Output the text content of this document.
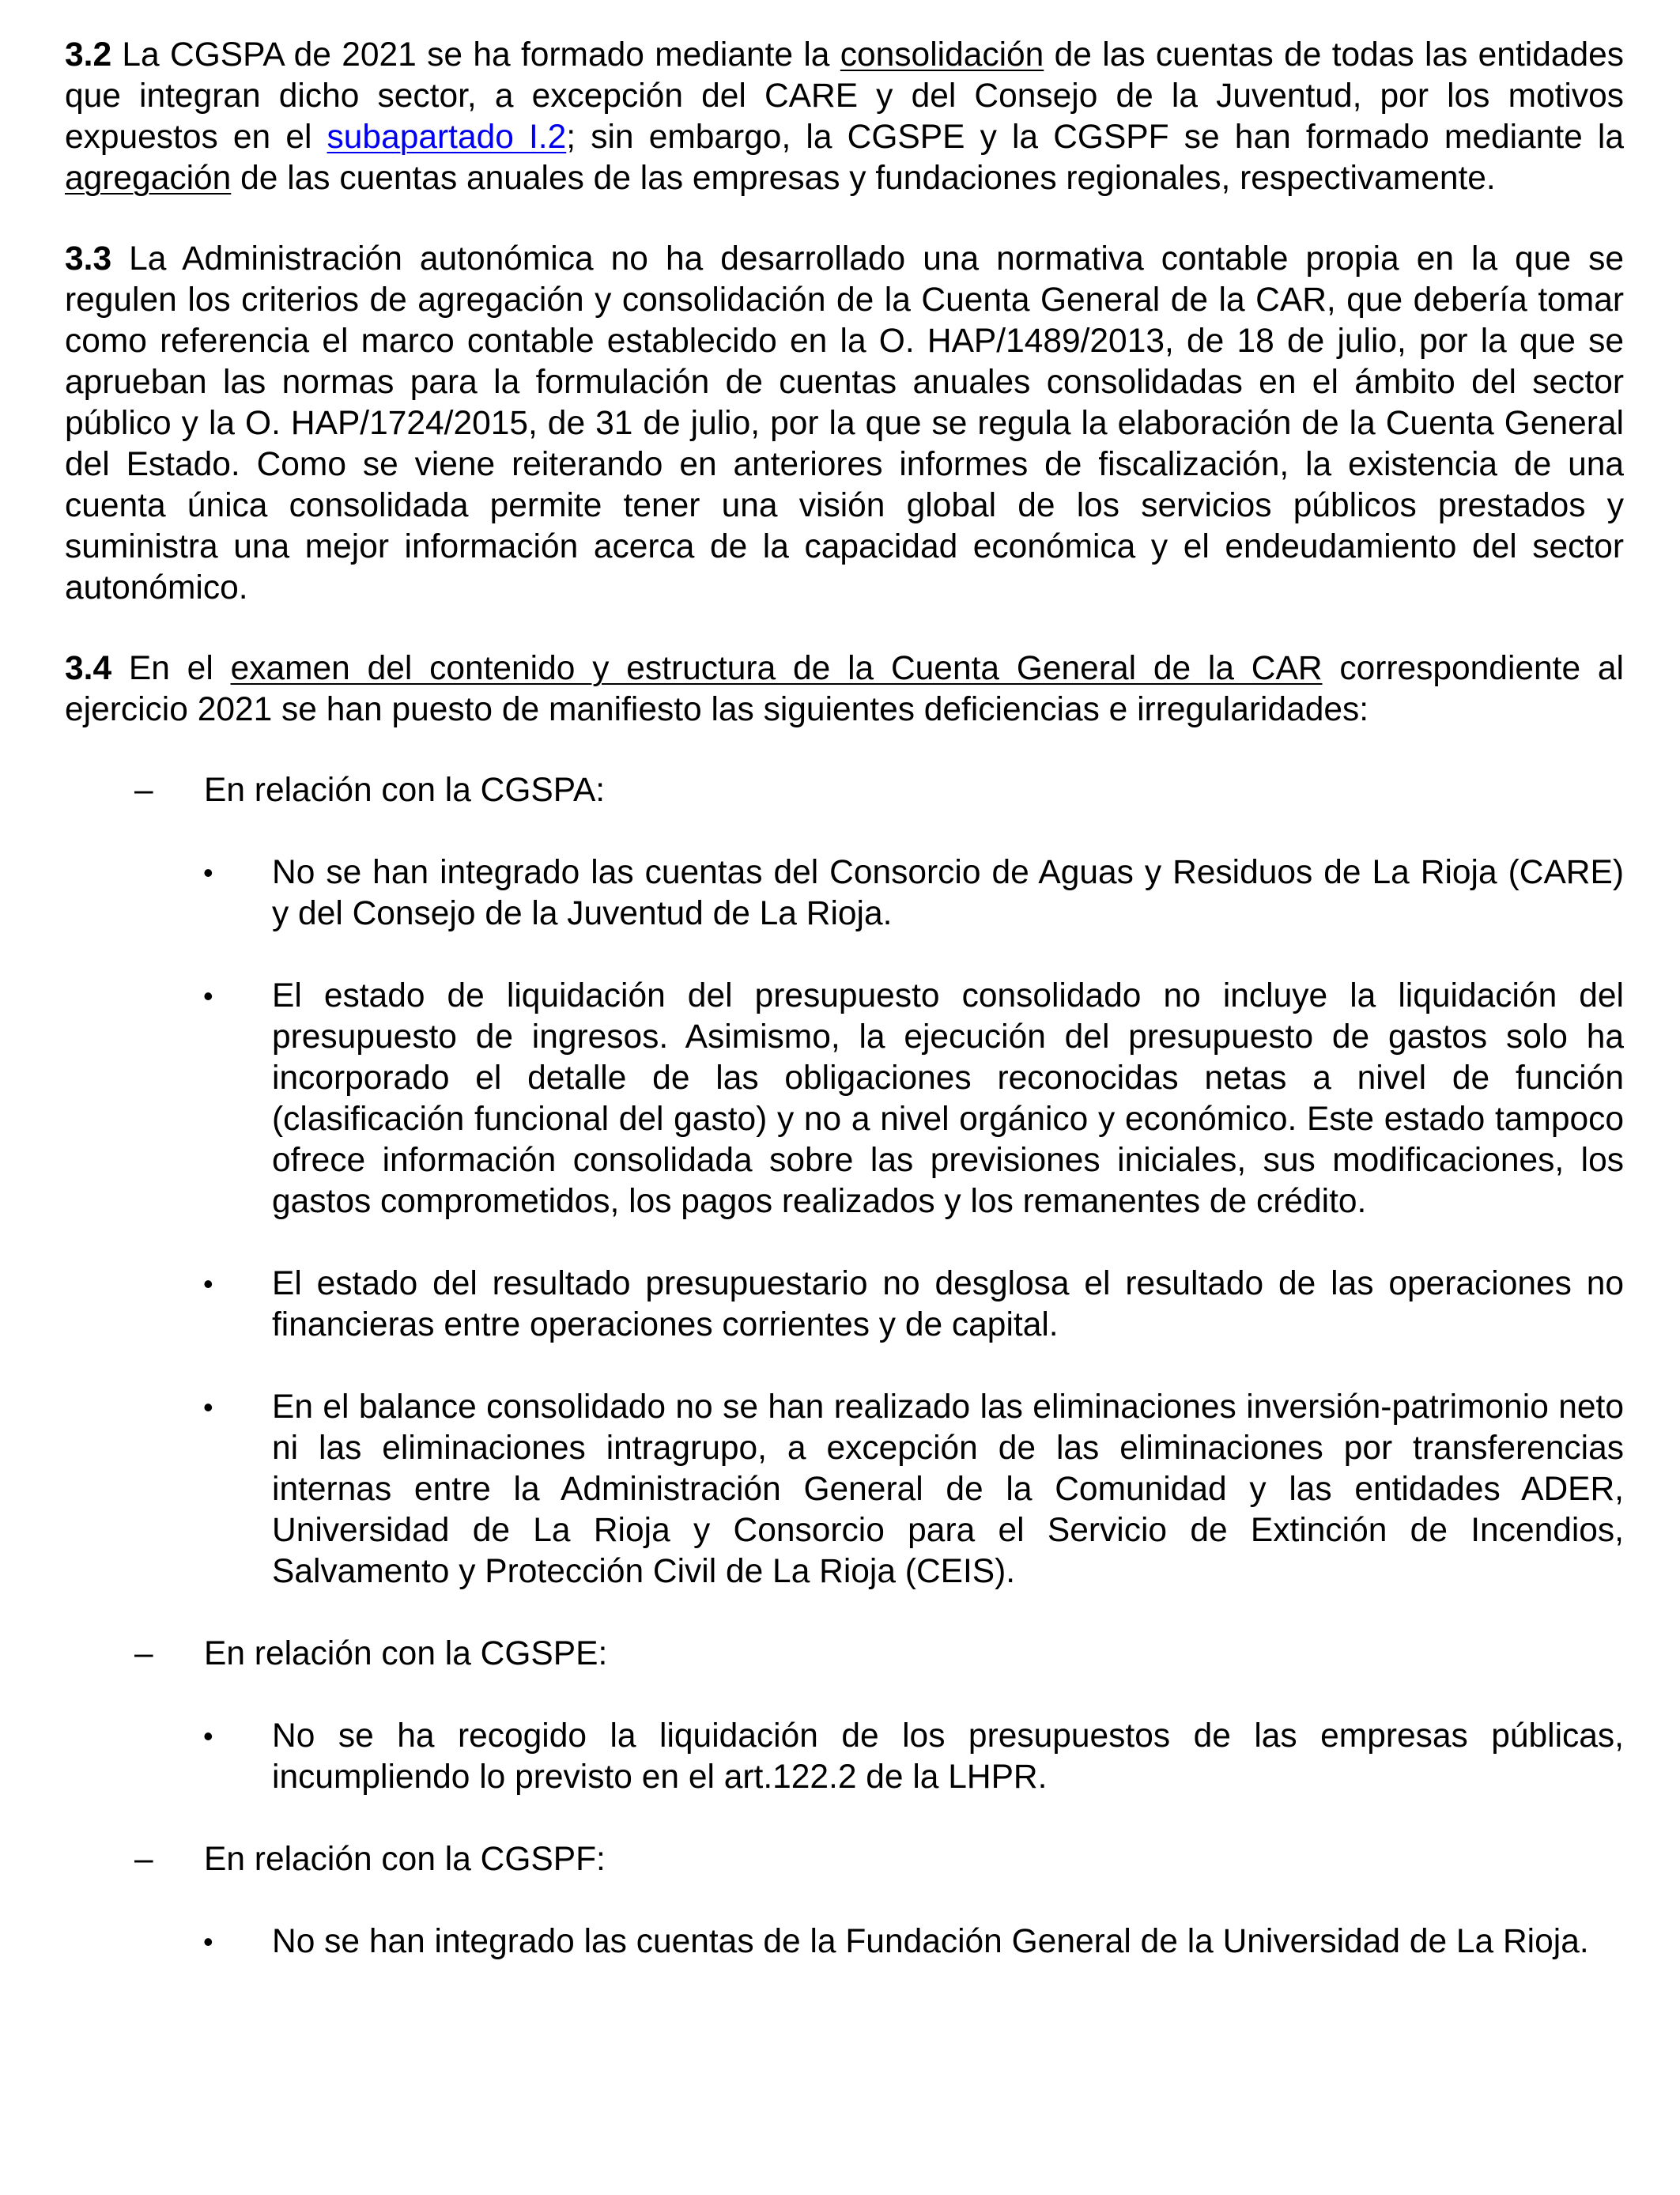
3.2 La CGSPA de 2021 se ha formado mediante la consolidación de las cuentas de todas las entidades que integran dicho sector, a excepción del CARE y del Consejo de la Juventud, por los motivos expuestos en el subapartado I.2; sin embargo, la CGSPE y la CGSPF se han formado mediante la agregación de las cuentas anuales de las empresas y fundaciones regionales, respectivamente.

3.3 La Administración autonómica no ha desarrollado una normativa contable propia en la que se regulen los criterios de agregación y consolidación de la Cuenta General de la CAR, que debería tomar como referencia el marco contable establecido en la O. HAP/1489/2013, de 18 de julio, por la que se aprueban las normas para la formulación de cuentas anuales consolidadas en el ámbito del sector público y la O. HAP/1724/2015, de 31 de julio, por la que se regula la elaboración de la Cuenta General del Estado. Como se viene reiterando en anteriores informes de fiscalización, la existencia de una cuenta única consolidada permite tener una visión global de los servicios públicos prestados y suministra una mejor información acerca de la capacidad económica y el endeudamiento del sector autonómico.

3.4 En el examen del contenido y estructura de la Cuenta General de la CAR correspondiente al ejercicio 2021 se han puesto de manifiesto las siguientes deficiencias e irregularidades:

– En relación con la CGSPA:
• No se han integrado las cuentas del Consorcio de Aguas y Residuos de La Rioja (CARE) y del Consejo de la Juventud de La Rioja.
• El estado de liquidación del presupuesto consolidado no incluye la liquidación del presupuesto de ingresos. Asimismo, la ejecución del presupuesto de gastos solo ha incorporado el detalle de las obligaciones reconocidas netas a nivel de función (clasificación funcional del gasto) y no a nivel orgánico y económico. Este estado tampoco ofrece información consolidada sobre las previsiones iniciales, sus modificaciones, los gastos comprometidos, los pagos realizados y los remanentes de crédito.
• El estado del resultado presupuestario no desglosa el resultado de las operaciones no financieras entre operaciones corrientes y de capital.
• En el balance consolidado no se han realizado las eliminaciones inversión-patrimonio neto ni las eliminaciones intragrupo, a excepción de las eliminaciones por transferencias internas entre la Administración General de la Comunidad y las entidades ADER, Universidad de La Rioja y Consorcio para el Servicio de Extinción de Incendios, Salvamento y Protección Civil de La Rioja (CEIS).
– En relación con la CGSPE:
• No se ha recogido la liquidación de los presupuestos de las empresas públicas, incumpliendo lo previsto en el art.122.2 de la LHPR.
– En relación con la CGSPF:
• No se han integrado las cuentas de la Fundación General de la Universidad de La Rioja.
